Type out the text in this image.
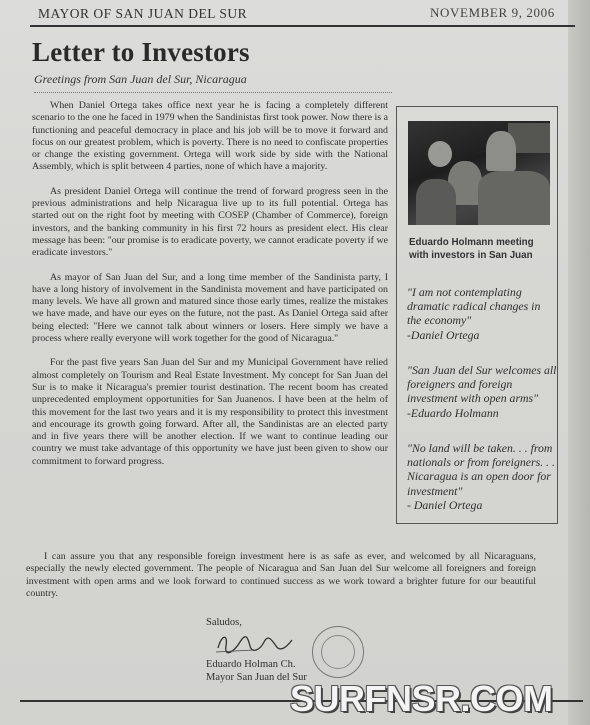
MAYOR OF SAN JUAN DEL SUR	NOVEMBER 9, 2006
Letter to Investors
Greetings from San Juan del Sur, Nicaragua

When Daniel Ortega takes office next year he is facing a completely different scenario to the one he faced in 1979 when the Sandinistas first took power. Now there is a functioning and peaceful democracy in place and his job will be to move it forward and focus on our greatest problem, which is poverty. There is no need to confiscate properties or change the existing government. Ortega will work side by side with the National Assembly, which is split between 4 parties, none of which have a majority.

As president Daniel Ortega will continue the trend of forward progress seen in the previous administrations and help Nicaragua live up to its full potential. Ortega has started out on the right foot by meeting with COSEP (Chamber of Commerce), foreign investors, and the banking community in his first 72 hours as president elect. His clear message has been: "our promise is to eradicate poverty, we cannot eradicate poverty if we eradicate investors."

As mayor of San Juan del Sur, and a long time member of the Sandinista party, I have a long history of involvement in the Sandinista movement and have participated on many levels. We have all grown and matured since those early times, realize the mistakes we have made, and have our eyes on the future, not the past. As Daniel Ortega said after being elected: "Here we cannot talk about winners or losers. Here simply we have a process where really everyone will work together for the good of Nicaragua."

For the past five years San Juan del Sur and my Municipal Government have relied almost completely on Tourism and Real Estate Investment. My concept for San Juan del Sur is to make it Nicaragua's premier tourist destination. The recent boom has created unprecedented employment opportunities for San Juanenos. I have been at the helm of this movement for the last two years and it is my responsibility to protect this investment and encourage its growth going forward. After all, the Sandinistas are an elected party and in five years there will be another election. If we want to continue leading our country we must take advantage of this opportunity we have just been given to show our commitment to forward progress.

Eduardo Holmann meeting with investors in San Juan
"I am not contemplating dramatic radical changes in the economy"
-Daniel Ortega
"San Juan del Sur welcomes all foreigners and foreign investment with open arms"
-Eduardo Holmann
"No land will be taken. . . from nationals or from foreigners. . . Nicaragua is an open door for investment"
- Daniel Ortega

I can assure you that any responsible foreign investment here is as safe as ever, and welcomed by all Nicaraguans, especially the newly elected government. The people of Nicaragua and San Juan del Sur welcome all foreigners and foreign investment with open arms and we look forward to continued success as we work toward a brighter future for our beautiful country.

Saludos,
Eduardo Holman Ch.
Mayor San Juan del Sur
SURFNSR.COM
